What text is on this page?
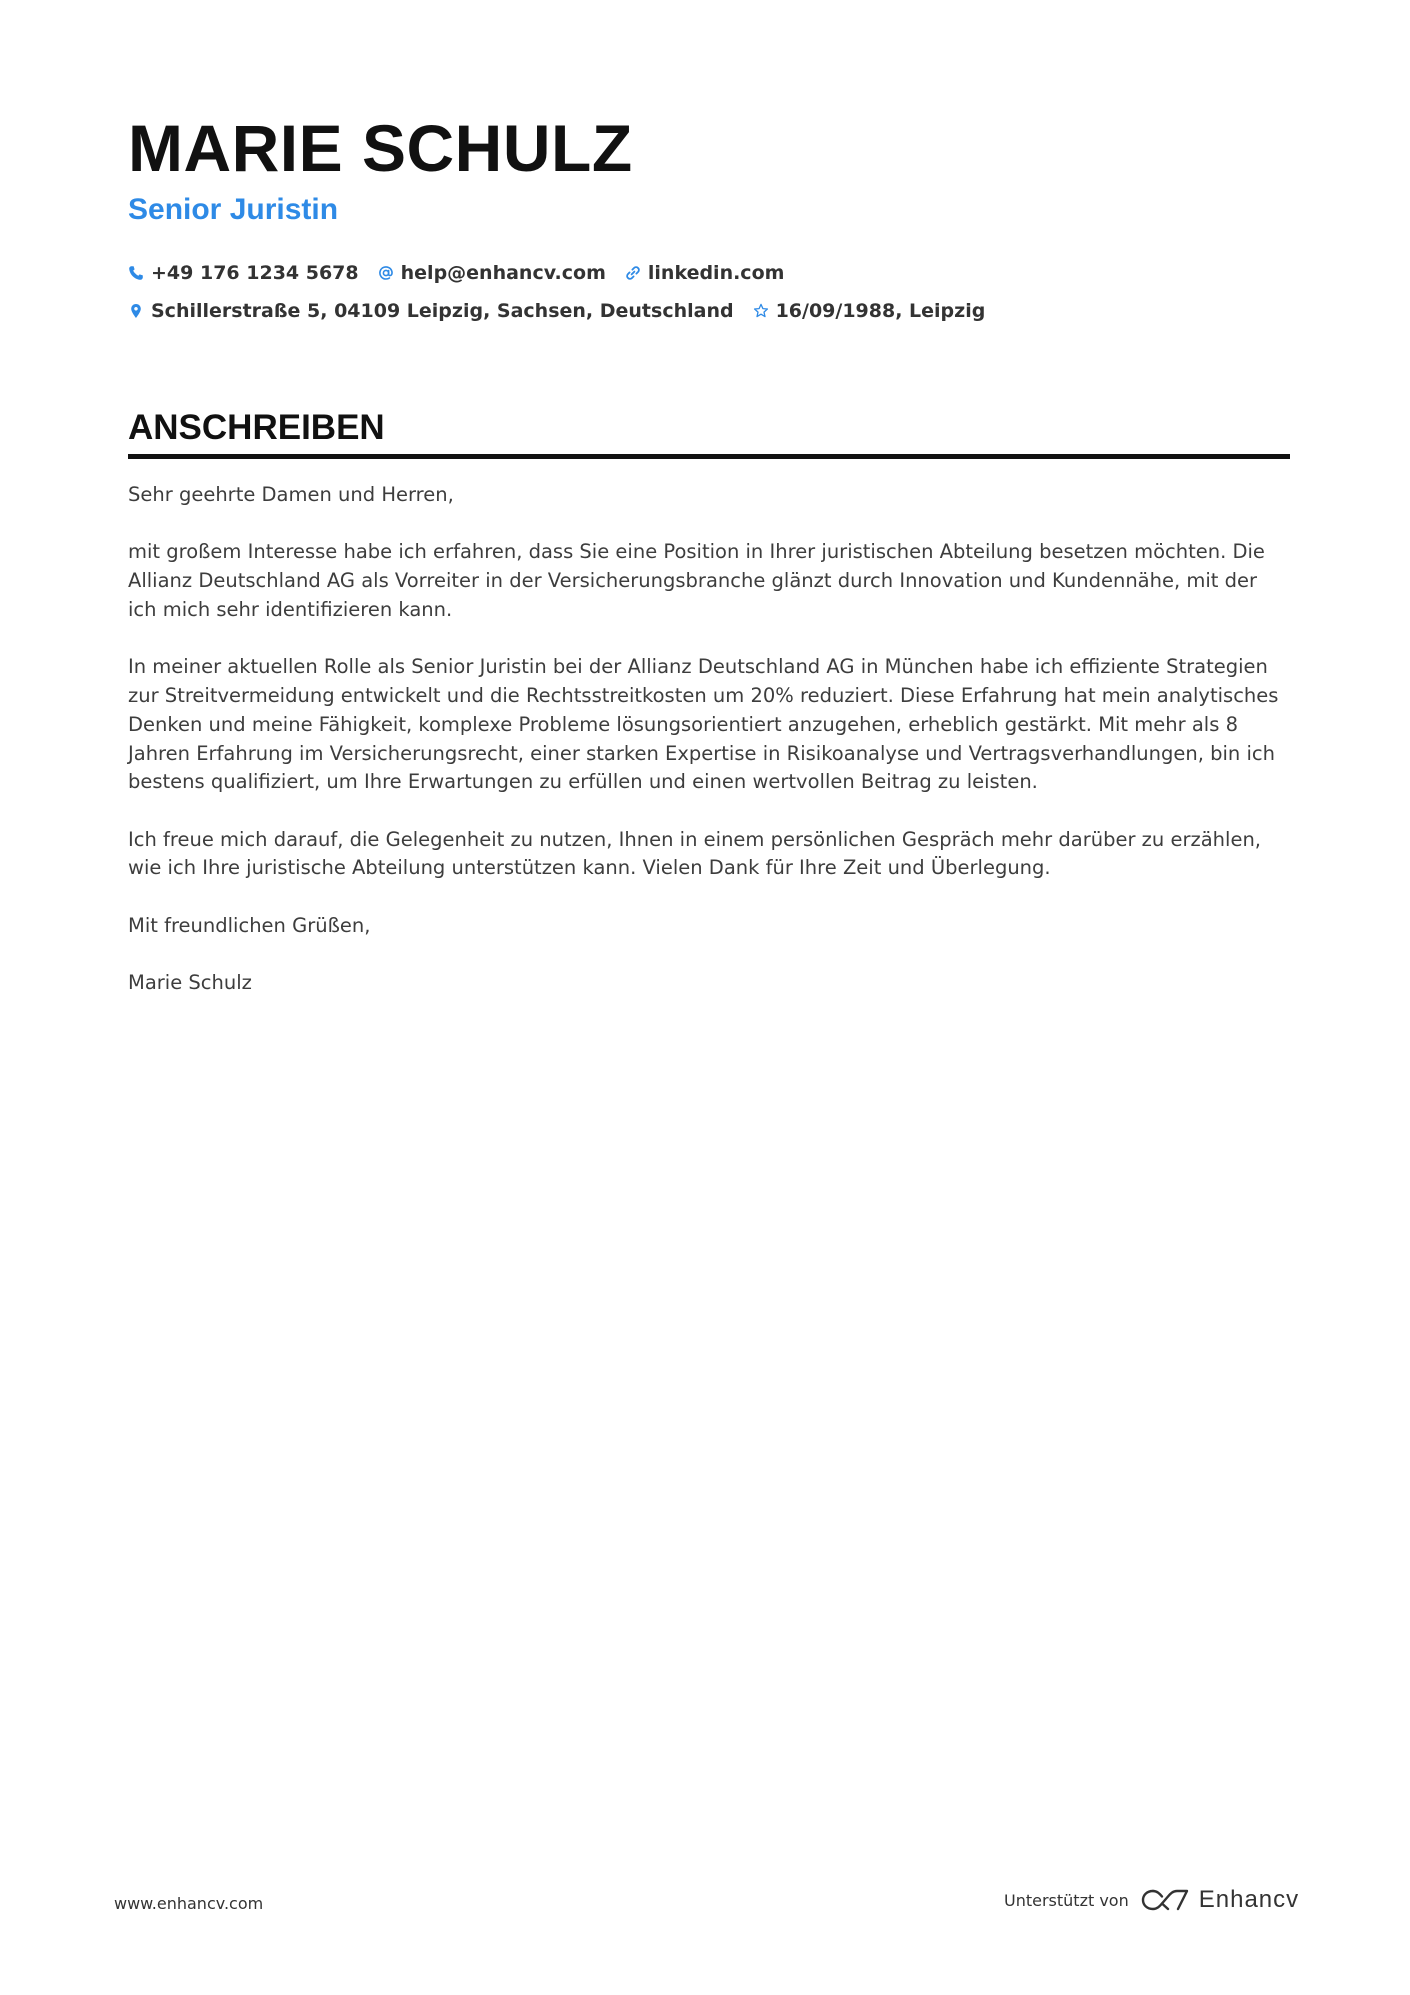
MARIE SCHULZ
Senior Juristin
+49 176 1234 5678 help@enhancv.com linkedin.com
Schillerstraße 5, 04109 Leipzig, Sachsen, Deutschland 16/09/1988, Leipzig
ANSCHREIBEN

Sehr geehrte Damen und Herren,

mit großem Interesse habe ich erfahren, dass Sie eine Position in Ihrer juristischen Abteilung besetzen möchten. Die Allianz Deutschland AG als Vorreiter in der Versicherungsbranche glänzt durch Innovation und Kundennähe, mit der ich mich sehr identifizieren kann.

In meiner aktuellen Rolle als Senior Juristin bei der Allianz Deutschland AG in München habe ich effiziente Strategien zur Streitvermeidung entwickelt und die Rechtsstreitkosten um 20% reduziert. Diese Erfahrung hat mein analytisches Denken und meine Fähigkeit, komplexe Probleme lösungsorientiert anzugehen, erheblich gestärkt. Mit mehr als 8 Jahren Erfahrung im Versicherungsrecht, einer starken Expertise in Risikoanalyse und Vertragsverhandlungen, bin ich bestens qualifiziert, um Ihre Erwartungen zu erfüllen und einen wertvollen Beitrag zu leisten.

Ich freue mich darauf, die Gelegenheit zu nutzen, Ihnen in einem persönlichen Gespräch mehr darüber zu erzählen, wie ich Ihre juristische Abteilung unterstützen kann. Vielen Dank für Ihre Zeit und Überlegung.

Mit freundlichen Grüßen,

Marie Schulz

www.enhancv.com	Unterstützt von	Enhancv
